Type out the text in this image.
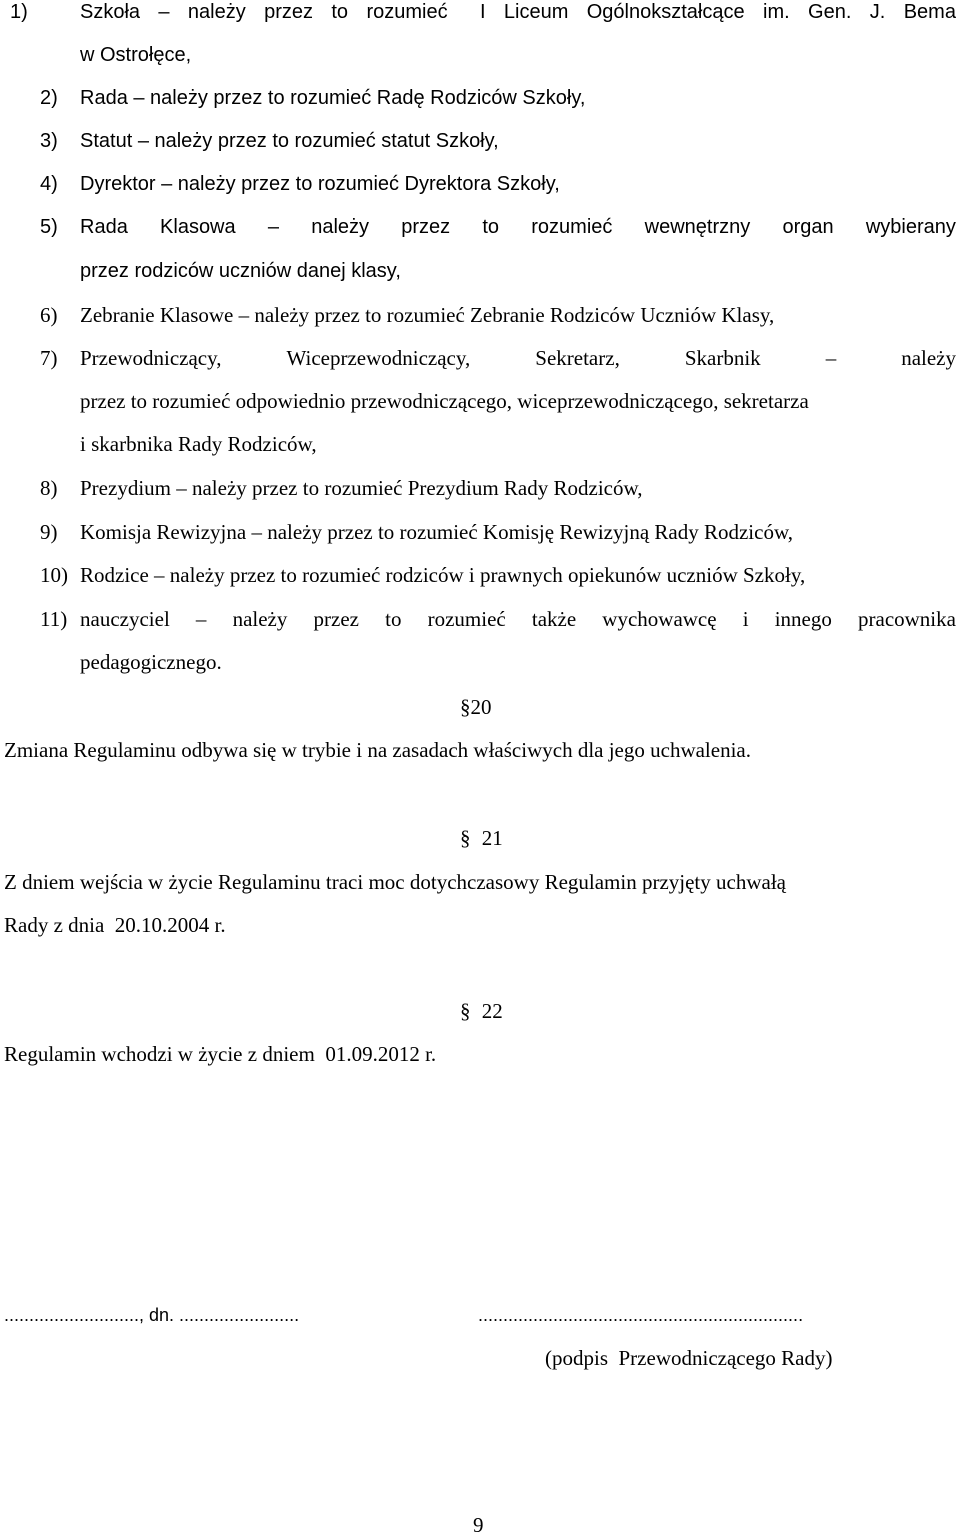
1)	Szkoła – należy przez to rozumieć I Liceum Ogólnokształcące im. Gen. J. Bema
w Ostrołęce,
2) Rada – należy przez to rozumieć Radę Rodziców Szkoły,
3) Statut – należy przez to rozumieć statut Szkoły,
4) Dyrektor – należy przez to rozumieć Dyrektora Szkoły,
5) Rada Klasowa – należy przez to rozumieć wewnętrzny organ wybierany
przez rodziców uczniów danej klasy,
6) Zebranie Klasowe – należy przez to rozumieć Zebranie Rodziców Uczniów Klasy,
7) Przewodniczący,	Wiceprzewodniczący,	Sekretarz,	Skarbnik	–	należy
przez to rozumieć odpowiednio przewodniczącego, wiceprzewodniczącego, sekretarza
i skarbnika Rady Rodziców,
8) Prezydium – należy przez to rozumieć Prezydium Rady Rodziców,
9) Komisja Rewizyjna – należy przez to rozumieć Komisję Rewizyjną Rady Rodziców,
10) Rodzice – należy przez to rozumieć rodziców i prawnych opiekunów uczniów Szkoły,
11) nauczyciel – należy przez to rozumieć także wychowawcę i innego pracownika
pedagogicznego.
§20
Zmiana Regulaminu odbywa się w trybie i na zasadach właściwych dla jego uchwalenia.
§ 21
Z dniem wejścia w życie Regulaminu traci moc dotychczasowy Regulamin przyjęty uchwałą
Rady z dnia  20.10.2004 r.
§ 22
Regulamin wchodzi w życie z dniem  01.09.2012 r.
..........................., dn. ........................	.................................................................
(podpis  Przewodniczącego Rady)
9
